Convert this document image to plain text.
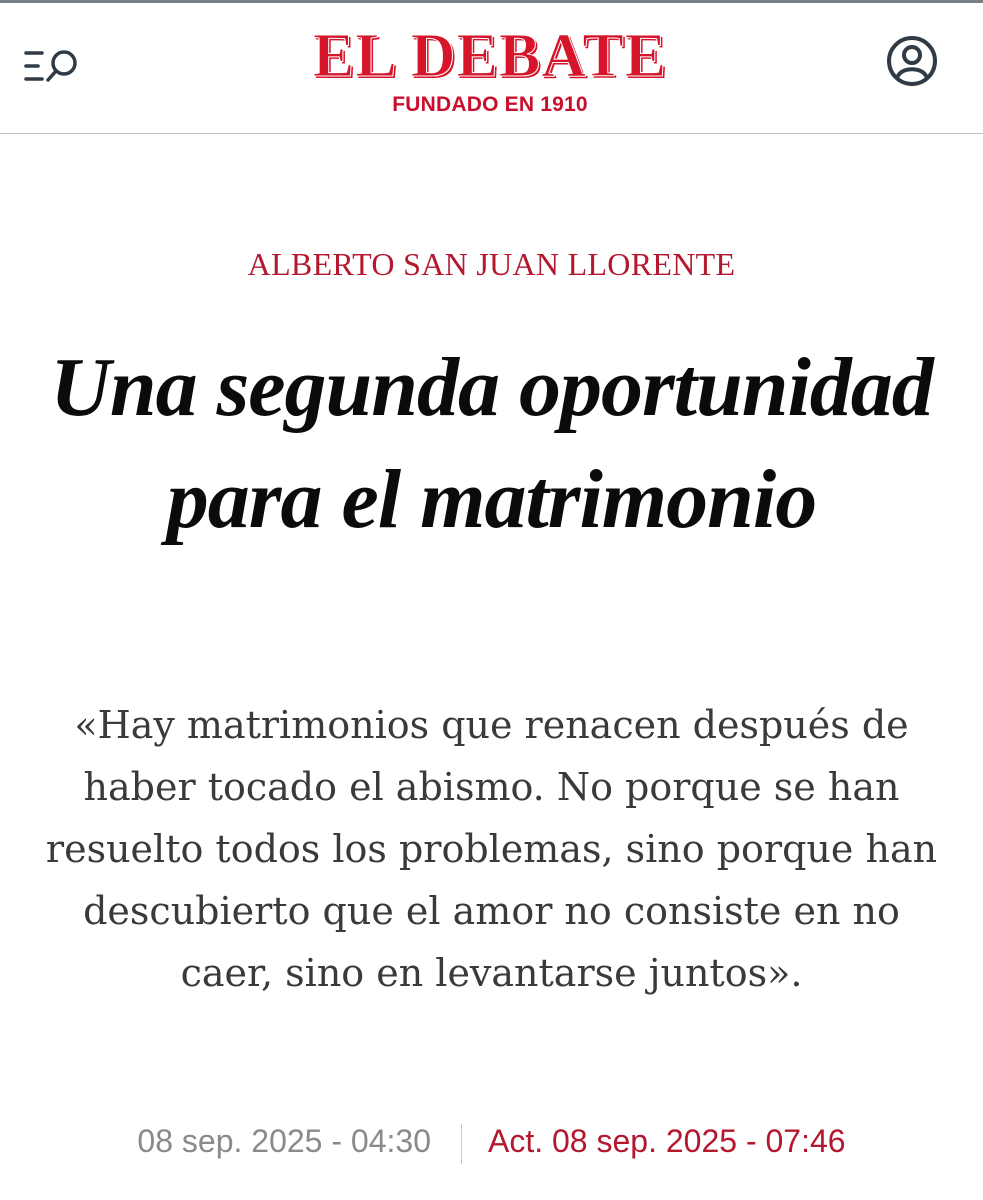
EL DEBATE
FUNDADO EN 1910
ALBERTO SAN JUAN LLORENTE
Una segunda oportunidad para el matrimonio

«Hay matrimonios que renacen después de haber tocado el abismo. No porque se han resuelto todos los problemas, sino porque han descubierto que el amor no consiste en no caer, sino en levantarse juntos».

08 sep. 2025 - 04:30 Act. 08 sep. 2025 - 07:46
